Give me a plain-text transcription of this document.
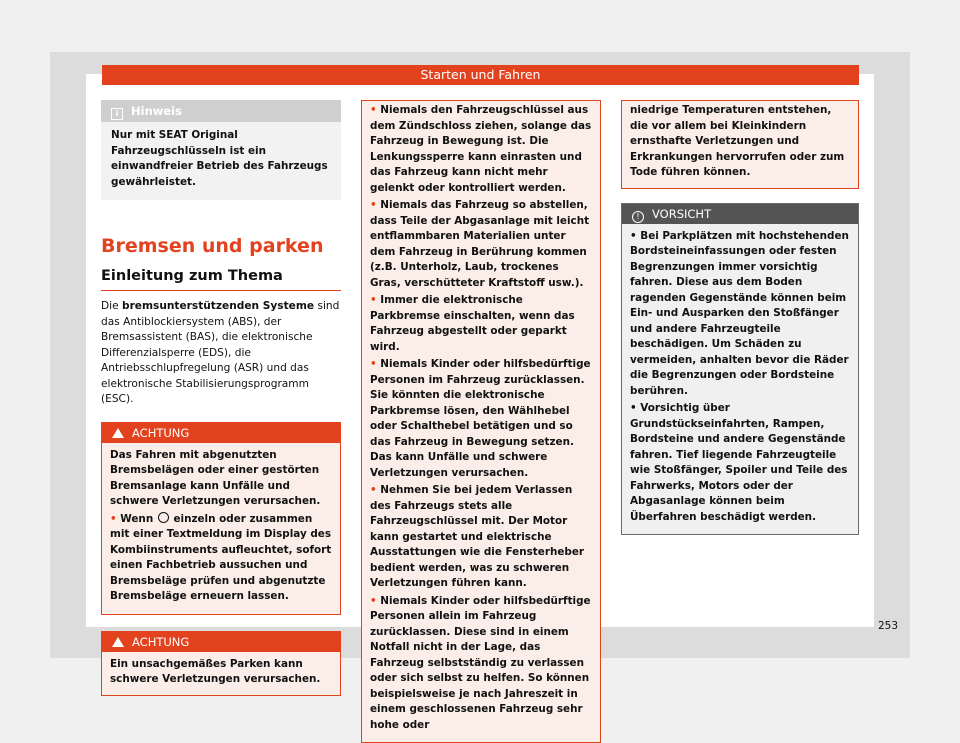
Starten und Fahren
i Hinweis
Nur mit SEAT Original Fahrzeugschlüsseln ist ein einwandfreier Betrieb des Fahrzeugs gewährleistet.
Bremsen und parken
Einleitung zum Thema

Die bremsunterstützenden Systeme sind das Antiblockiersystem (ABS), der Bremsassistent (BAS), die elektronische Differenzialsperre (EDS), die Antriebsschlupfregelung (ASR) und das elektronische Stabilisierungsprogramm (ESC).

ACHTUNG

Das Fahren mit abgenutzten Bremsbelägen oder einer gestörten Bremsanlage kann Unfälle und schwere Verletzungen verursachen.

• Wenn  einzeln oder zusammen mit einer Textmeldung im Display des Kombiinstruments aufleuchtet, sofort einen Fachbetrieb aussuchen und Bremsbeläge prüfen und abgenutzte Bremsbeläge erneuern lassen.

ACHTUNG
Ein unsachgemäßes Parken kann schwere Verletzungen verursachen.

• Niemals den Fahrzeugschlüssel aus dem Zündschloss ziehen, solange das Fahrzeug in Bewegung ist. Die Lenkungssperre kann einrasten und das Fahrzeug kann nicht mehr gelenkt oder kontrolliert werden.

• Niemals das Fahrzeug so abstellen, dass Teile der Abgasanlage mit leicht entflammbaren Materialien unter dem Fahrzeug in Berührung kommen (z.B. Unterholz, Laub, trockenes Gras, verschütteter Kraftstoff usw.).

• Immer die elektronische Parkbremse einschalten, wenn das Fahrzeug abgestellt oder geparkt wird.

• Niemals Kinder oder hilfsbedürftige Personen im Fahrzeug zurücklassen. Sie könnten die elektronische Parkbremse lösen, den Wählhebel oder Schalthebel betätigen und so das Fahrzeug in Bewegung setzen. Das kann Unfälle und schwere Verletzungen verursachen.

• Nehmen Sie bei jedem Verlassen des Fahrzeugs stets alle Fahrzeugschlüssel mit. Der Motor kann gestartet und elektrische Ausstattungen wie die Fensterheber bedient werden, was zu schweren Verletzungen führen kann.

• Niemals Kinder oder hilfsbedürftige Personen allein im Fahrzeug zurücklassen. Diese sind in einem Notfall nicht in der Lage, das Fahrzeug selbstständig zu verlassen oder sich selbst zu helfen. So können beispielsweise je nach Jahreszeit in einem geschlossenen Fahrzeug sehr hohe oder

niedrige Temperaturen entstehen, die vor allem bei Kleinkindern ernsthafte Verletzungen und Erkrankungen hervorrufen oder zum Tode führen können.
! VORSICHT

• Bei Parkplätzen mit hochstehenden Bordsteineinfassungen oder festen Begrenzungen immer vorsichtig fahren. Diese aus dem Boden ragenden Gegenstände können beim Ein- und Ausparken den Stoßfänger und andere Fahrzeugteile beschädigen. Um Schäden zu vermeiden, anhalten bevor die Räder die Begrenzungen oder Bordsteine berühren.

• Vorsichtig über Grundstückseinfahrten, Rampen, Bordsteine und andere Gegenstände fahren. Tief liegende Fahrzeugteile wie Stoßfänger, Spoiler und Teile des Fahrwerks, Motors oder der Abgasanlage können beim Überfahren beschädigt werden.

253
